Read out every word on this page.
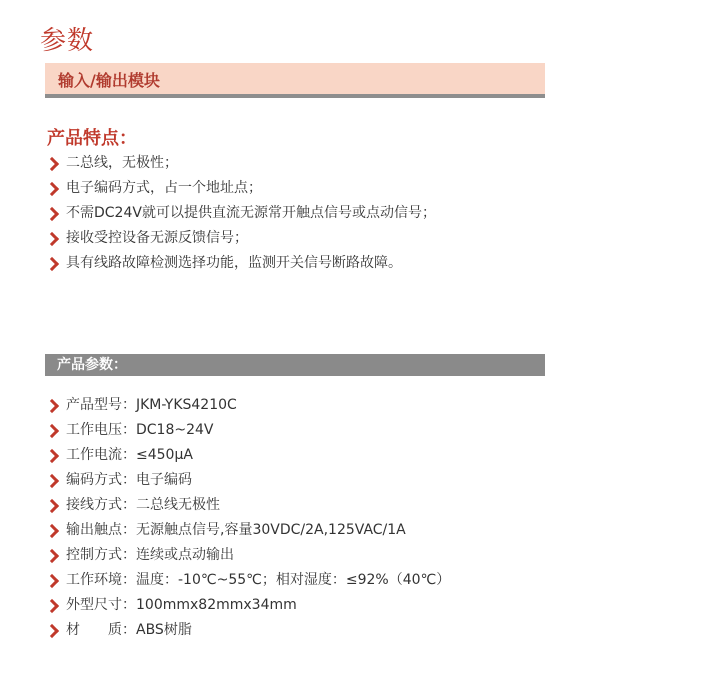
参数
输入/输出模块
产品特点：
二总线，无极性；
电子编码方式，占一个地址点；
不需DC24V就可以提供直流无源常开触点信号或点动信号；
接收受控设备无源反馈信号；
具有线路故障检测选择功能，监测开关信号断路故障。
产品参数：
产品型号：JKM-YKS4210C
工作电压：DC18~24V
工作电流：≤450μA
编码方式：电子编码
接线方式：二总线无极性
输出触点：无源触点信号,容量30VDC/2A,125VAC/1A
控制方式：连续或点动输出
工作环境：温度：-10℃~55℃；相对湿度：≤92%（40℃）
外型尺寸：100mmx82mmx34mm
材　　质：ABS树脂
